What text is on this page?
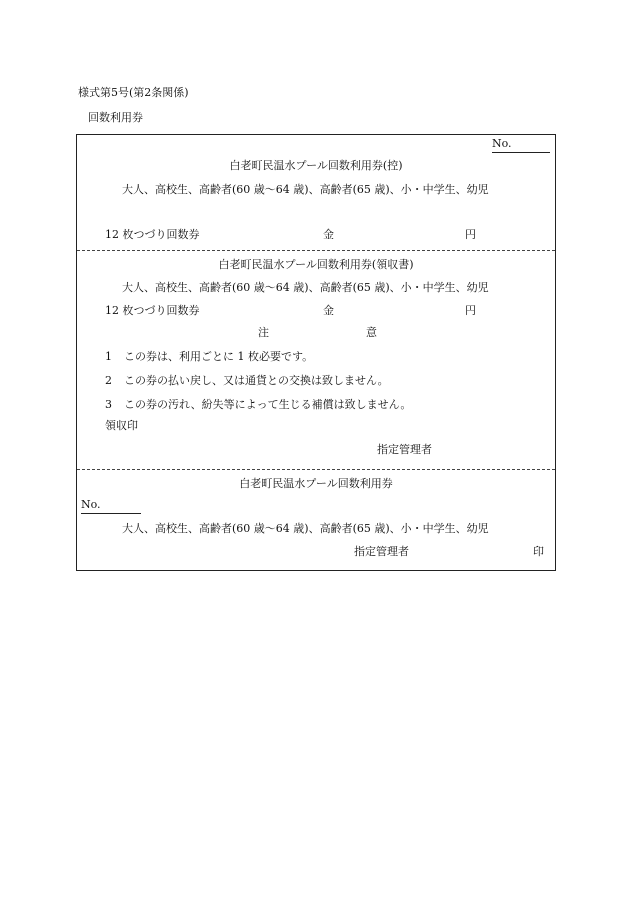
様式第5号(第2条関係)
回数利用券
No.
白老町民温水プール回数利用券(控)
大人、高校生、高齢者(60 歳～64 歳)、高齢者(65 歳)、小・中学生、幼児
12 枚つづり回数券	金	円
白老町民温水プール回数利用券(領収書)
大人、高校生、高齢者(60 歳～64 歳)、高齢者(65 歳)、小・中学生、幼児
12 枚つづり回数券	金	円
注	意
1 この券は、利用ごとに 1 枚必要です。
2 この券の払い戻し、又は通貨との交換は致しません。
3 この券の汚れ、紛失等によって生じる補償は致しません。
領収印
指定管理者
白老町民温水プール回数利用券
No.
大人、高校生、高齢者(60 歳～64 歳)、高齢者(65 歳)、小・中学生、幼児
指定管理者	印
